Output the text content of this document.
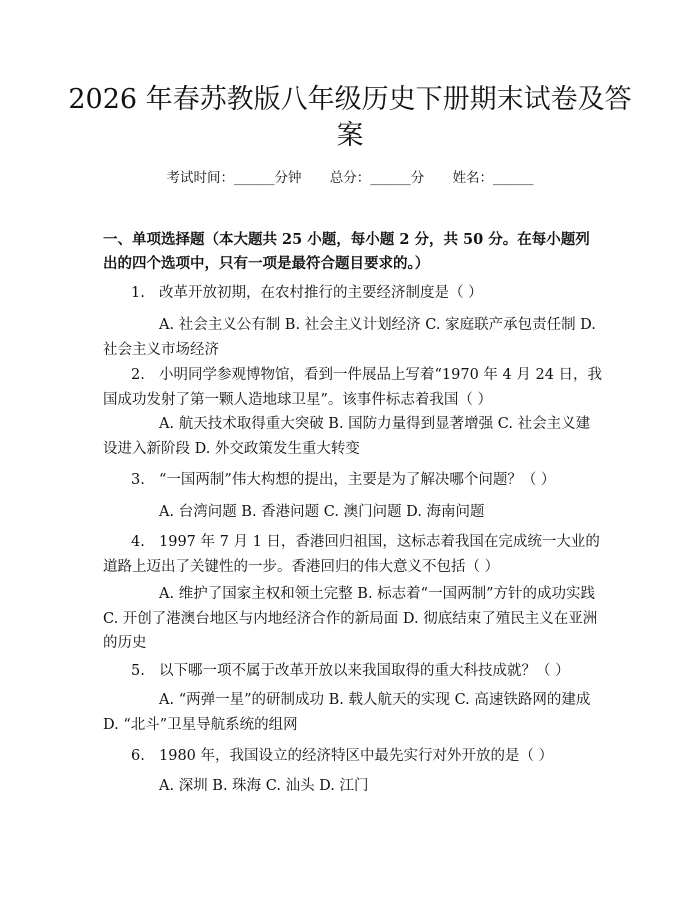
2026 年春苏教版八年级历史下册期末试卷及答案
考试时间：______分钟 总分：______分 姓名：______
一、单项选择题（本大题共 25 小题，每小题 2 分，共 50 分。在每小题列出的四个选项中，只有一项是最符合题目要求的。）
1. 改革开放初期，在农村推行的主要经济制度是（ ）
A. 社会主义公有制 B. 社会主义计划经济 C. 家庭联产承包责任制 D. 社会主义市场经济
2. 小明同学参观博物馆，看到一件展品上写着“1970 年 4 月 24 日，我国成功发射了第一颗人造地球卫星”。该事件标志着我国（ ）
A. 航天技术取得重大突破 B. 国防力量得到显著增强 C. 社会主义建设进入新阶段 D. 外交政策发生重大转变
3. “一国两制”伟大构想的提出，主要是为了解决哪个问题？（ ）
A. 台湾问题 B. 香港问题 C. 澳门问题 D. 海南问题
4. 1997 年 7 月 1 日，香港回归祖国，这标志着我国在完成统一大业的道路上迈出了关键性的一步。香港回归的伟大意义不包括（ ）
A. 维护了国家主权和领土完整 B. 标志着“一国两制”方针的成功实践 C. 开创了港澳台地区与内地经济合作的新局面 D. 彻底结束了殖民主义在亚洲的历史
5. 以下哪一项不属于改革开放以来我国取得的重大科技成就？（ ）
A. “两弹一星”的研制成功 B. 载人航天的实现 C. 高速铁路网的建成 D. “北斗”卫星导航系统的组网
6. 1980 年，我国设立的经济特区中最先实行对外开放的是（ ）
A. 深圳 B. 珠海 C. 汕头 D. 江门
